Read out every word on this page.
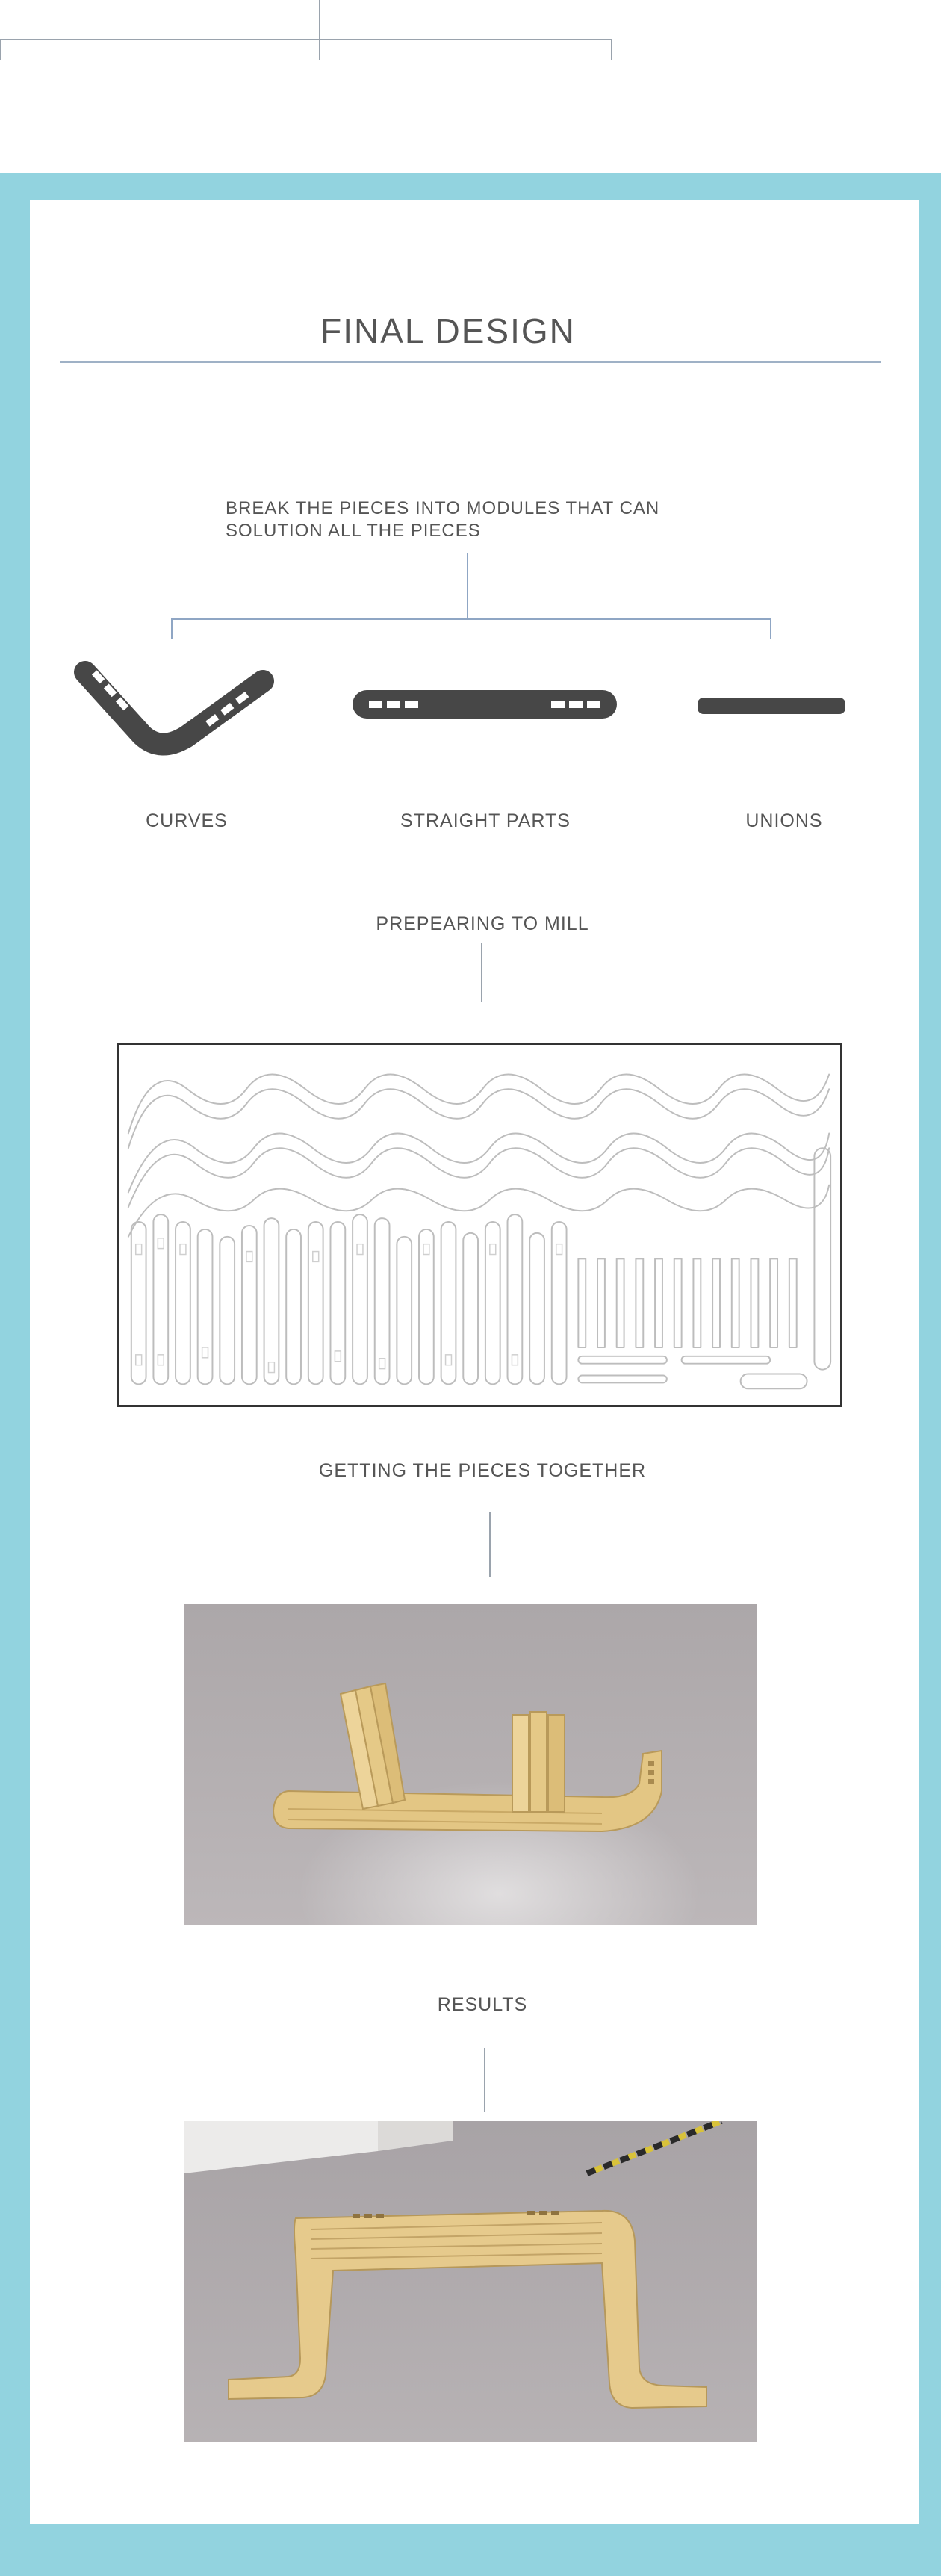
FINAL DESIGN
BREAK THE PIECES INTO MODULES THAT CAN
SOLUTION ALL THE PIECES
CURVES	STRAIGHT PARTS	UNIONS
PREPEARING TO MILL
GETTING THE PIECES TOGETHER
RESULTS
